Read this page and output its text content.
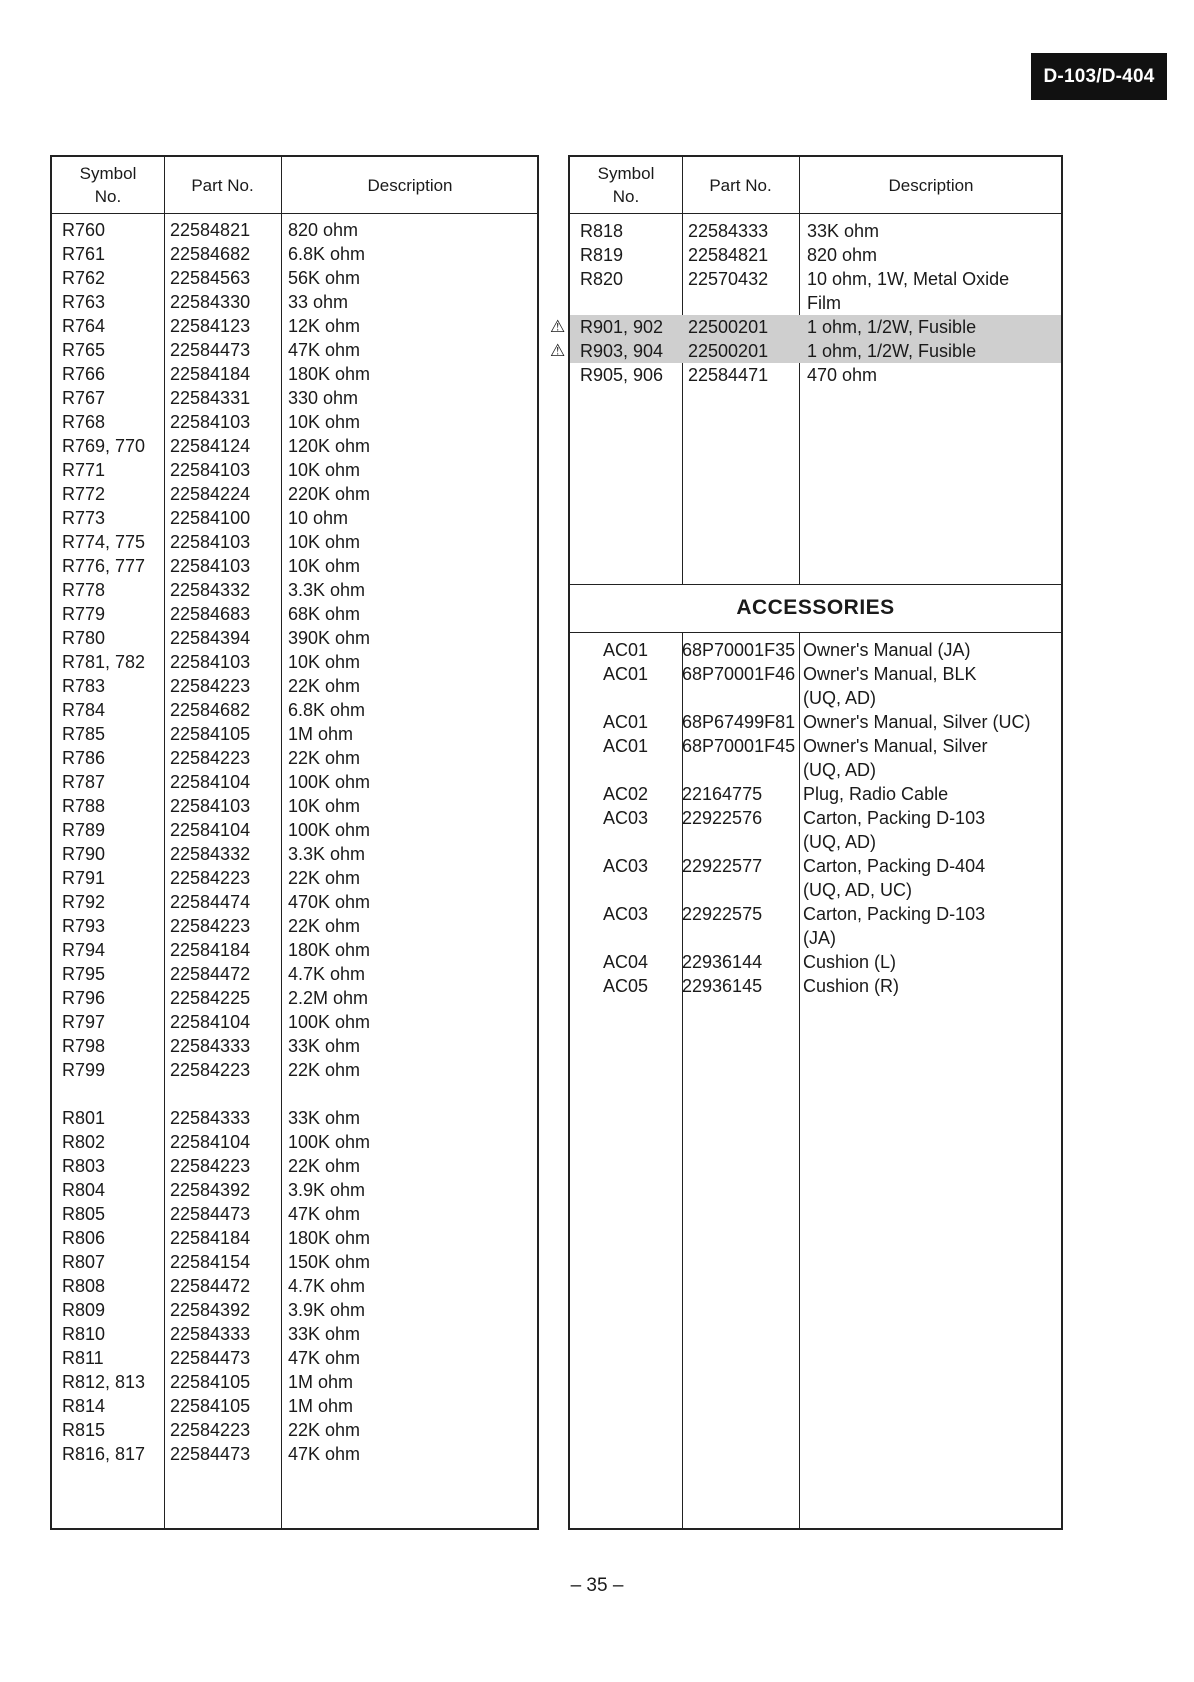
D-103/D-404
Symbol
No.
Part No.	Description
R760	22584821 820 ohm
R761	22584682 6.8K ohm
R762	22584563 56K ohm
R763	22584330 33 ohm
R764	22584123 12K ohm
R765	22584473 47K ohm
R766	22584184 180K ohm
R767	22584331 330 ohm
R768	22584103 10K ohm
R769, 770 22584124 120K ohm
R771	22584103 10K ohm
R772	22584224 220K ohm
R773	22584100 10 ohm
R774, 775 22584103 10K ohm
R776, 777 22584103 10K ohm
R778	22584332 3.3K ohm
R779	22584683 68K ohm
R780	22584394 390K ohm
R781, 782 22584103 10K ohm
R783	22584223 22K ohm
R784	22584682 6.8K ohm
R785	22584105 1M ohm
R786	22584223 22K ohm
R787	22584104 100K ohm
R788	22584103 10K ohm
R789	22584104 100K ohm
R790	22584332 3.3K ohm
R791	22584223 22K ohm
R792	22584474 470K ohm
R793	22584223 22K ohm
R794	22584184 180K ohm
R795	22584472 4.7K ohm
R796	22584225 2.2M ohm
R797	22584104 100K ohm
R798	22584333 33K ohm
R799	22584223 22K ohm
R801	22584333 33K ohm
R802	22584104 100K ohm
R803	22584223 22K ohm
R804	22584392 3.9K ohm
R805	22584473 47K ohm
R806	22584184 180K ohm
R807	22584154 150K ohm
R808	22584472 4.7K ohm
R809	22584392 3.9K ohm
R810	22584333 33K ohm
R811	22584473 47K ohm
R812, 813 22584105 1M ohm
R814	22584105 1M ohm
R815	22584223 22K ohm
R816, 817 22584473 47K ohm
Symbol
No.
Part No.	Description
R818	22584333 33K ohm
R819	22584821 820 ohm
R820	22570432 10 ohm, 1W, Metal Oxide
Film
⚠ R901, 902 22500201 1 ohm, 1/2W, Fusible
⚠ R903, 904 22500201 1 ohm, 1/2W, Fusible
R905, 906 22584471 470 ohm
ACCESSORIES
AC01 68P70001F35 Owner's Manual (JA)
AC01 68P70001F46 Owner's Manual, BLK
(UQ, AD)
AC01 68P67499F81 Owner's Manual, Silver (UC)
AC01 68P70001F45 Owner's Manual, Silver
(UQ, AD)
AC02 22164775 Plug, Radio Cable
AC03 22922576 Carton, Packing D-103
(UQ, AD)
AC03 22922577 Carton, Packing D-404
(UQ, AD, UC)
AC03 22922575 Carton, Packing D-103
(JA)
AC04 22936144 Cushion (L)
AC05 22936145 Cushion (R)
– 35 –
